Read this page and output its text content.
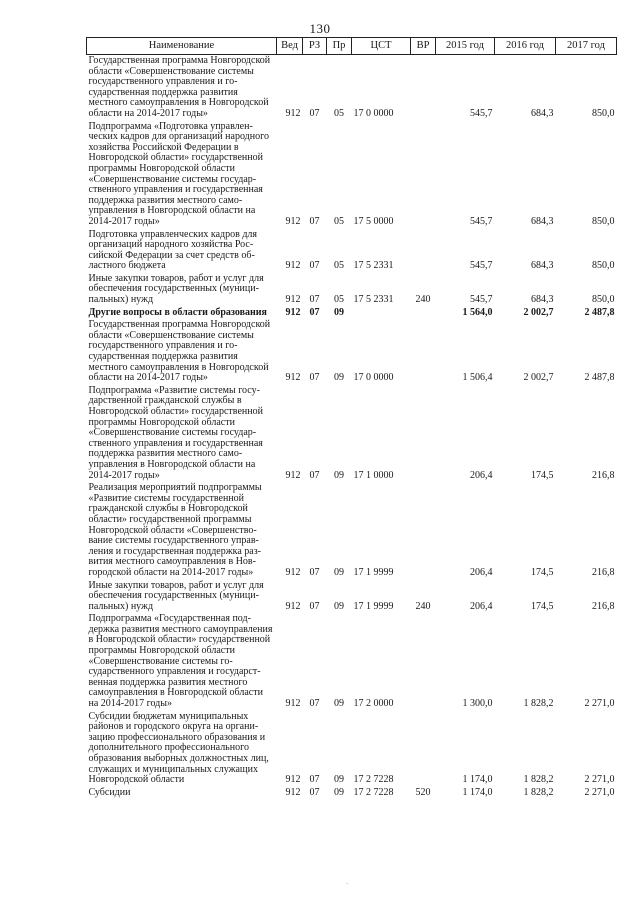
130
Наименование	Вед	РЗ	Пр	ЦСТ	ВР	2015 год	2016 год	2017 год
Государственная программа Новгородской области «Совершенствование системы государственного управления и государственная поддержка развития местного самоуправления в Новгородской области на 2014-2017 годы»	912	07	05	17 0 0000		545,7	684,3	850,0
Подпрограмма «Подготовка управленческих кадров для организаций народного хозяйства Российской Федерации в Новгородской области» государственной программы Новгородской области «Совершенствование системы государственного управления и государственная поддержка развития местного самоуправления в Новгородской области на 2014-2017 годы»	912	07	05	17 5 0000		545,7	684,3	850,0
Подготовка управленческих кадров для организаций народного хозяйства Российской Федерации за счет средств областного бюджета	912	07	05	17 5 2331		545,7	684,3	850,0
Иные закупки товаров, работ и услуг для обеспечения государственных (муниципальных) нужд	912	07	05	17 5 2331	240	545,7	684,3	850,0
Другие вопросы в области образования	912	07	09			1 564,0	2 002,7	2 487,8
Государственная программа Новгородской области «Совершенствование системы государственного управления и государственная поддержка развития местного самоуправления в Новгородской области на 2014-2017 годы»	912	07	09	17 0 0000		1 506,4	2 002,7	2 487,8
Подпрограмма «Развитие системы государственной гражданской службы в Новгородской области» государственной программы Новгородской области «Совершенствование системы государственного управления и государственная поддержка развития местного самоуправления в Новгородской области на 2014-2017 годы»	912	07	09	17 1 0000		206,4	174,5	216,8
Реализация мероприятий подпрограммы «Развитие системы государственной гражданской службы в Новгородской области» государственной программы Новгородской области «Совершенствование системы государственного управления и государственная поддержка развития местного самоуправления в Новгородской области на 2014-2017 годы»	912	07	09	17 1 9999		206,4	174,5	216,8
Иные закупки товаров, работ и услуг для обеспечения государственных (муниципальных) нужд	912	07	09	17 1 9999	240	206,4	174,5	216,8
Подпрограмма «Государственная поддержка развития местного самоуправления в Новгородской области» государственной программы Новгородской области «Совершенствование системы государственного управления и государственная поддержка развития местного самоуправления в Новгородской области на 2014-2017 годы»	912	07	09	17 2 0000		1 300,0	1 828,2	2 271,0
Субсидии бюджетам муниципальных районов и городского округа на организацию профессионального образования и дополнительного профессионального образования выборных должностных лиц, служащих и муниципальных служащих Новгородской области	912	07	09	17 2 7228		1 174,0	1 828,2	2 271,0
Субсидии	912	07	09	17 2 7228	520	1 174,0	1 828,2	2 271,0
.
